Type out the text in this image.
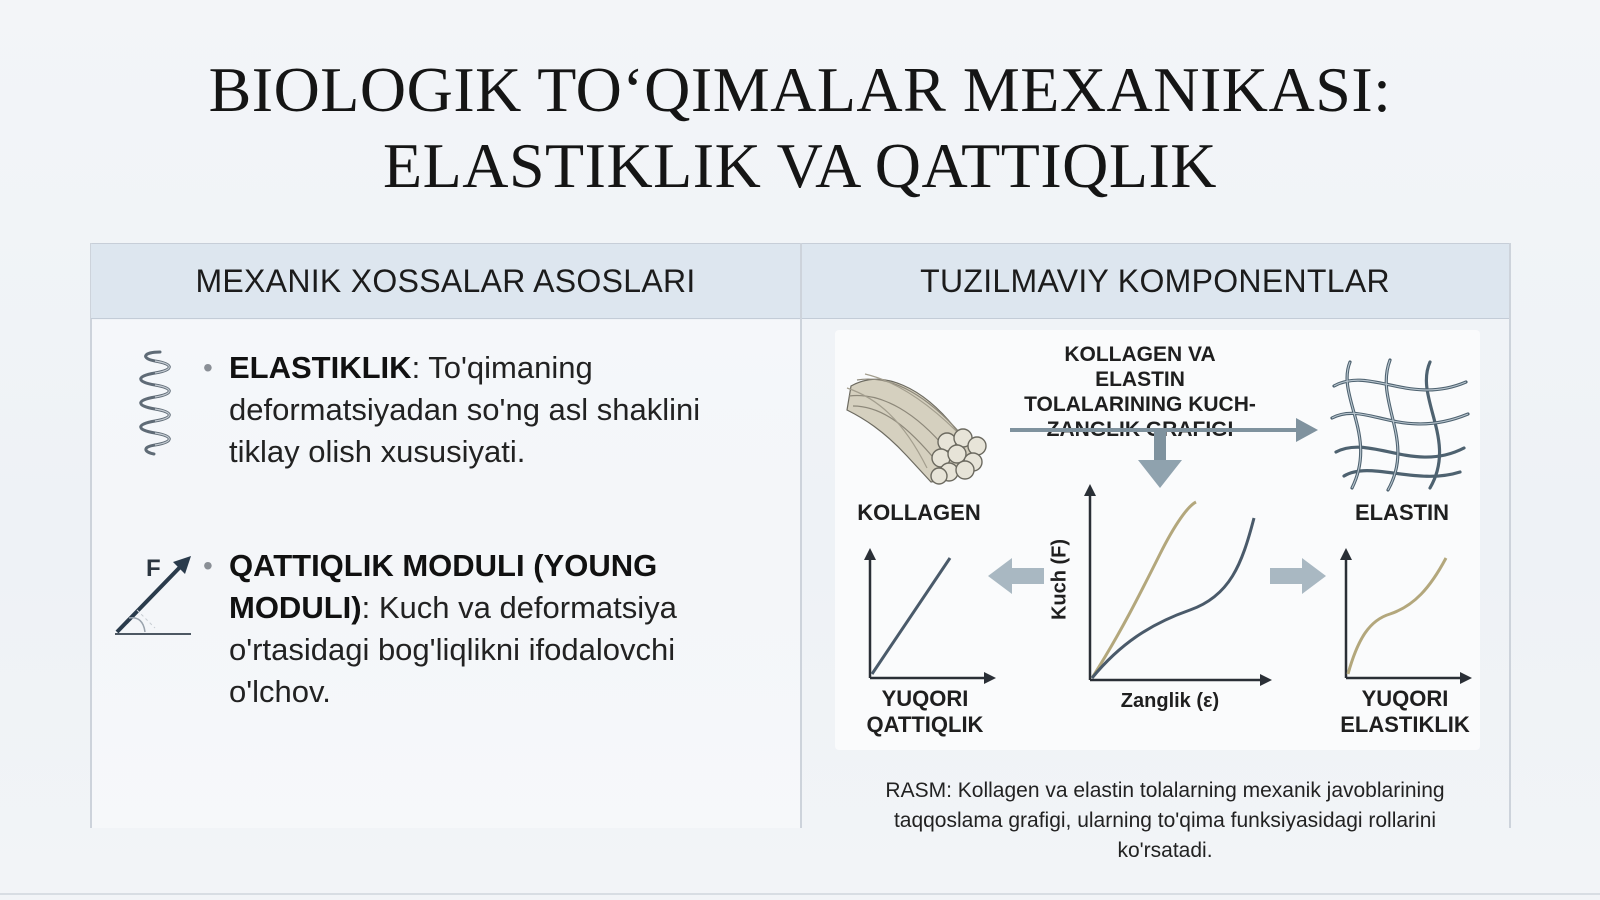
BIOLOGIK TO‘QIMALAR MEXANIKASI:
ELASTIKLIK VA QATTIQLIK
MEXANIK XOSSALAR ASOSLARI	TUZILMAVIY KOMPONENTLAR
• ELASTIKLIK: To'qimaning deformatsiyadan so'ng asl shaklini tiklay olish xususiyati.
F • QATTIQLIK MODULI (YOUNG MODULI): Kuch va deformatsiya o'rtasidagi bog'liqlikni ifodalovchi o'lchov.
KOLLAGEN	ELASTIN
KOLLAGEN VA ELASTIN TOLALARINING KUCH-ZANGLIK GRAFIGI
YUQORI QATTIQLIK
Kuch (F)
Zanglik (ε)	YUQORI ELASTIKLIK
RASM: Kollagen va elastin tolalarning mexanik javoblarining taqqoslama grafigi, ularning to'qima funksiyasidagi rollarini ko'rsatadi.
